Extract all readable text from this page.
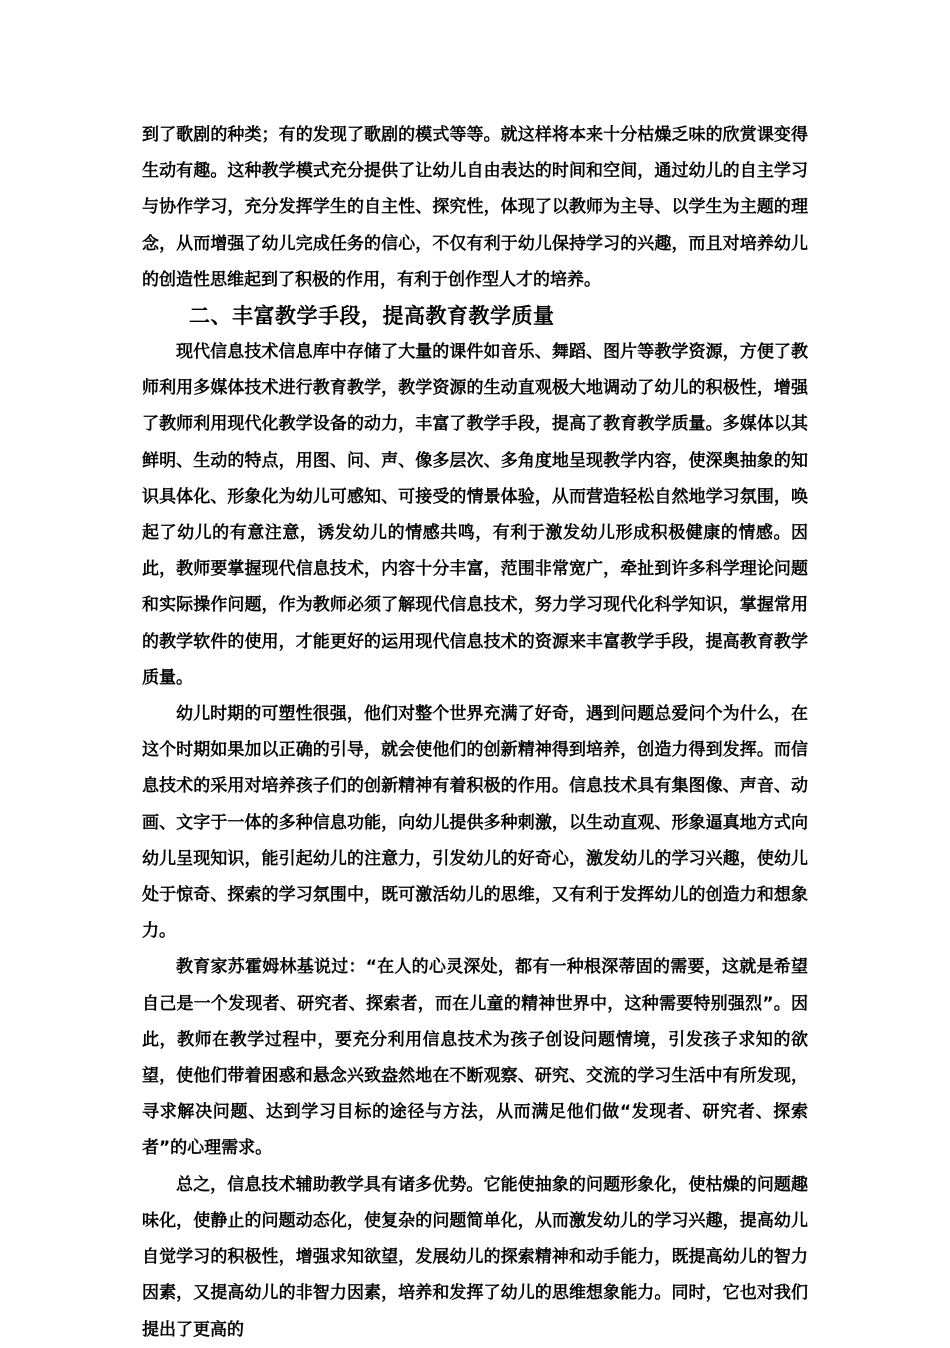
到了歌剧的种类；有的发现了歌剧的模式等等。就这样将本来十分枯燥乏味的欣赏课变得生动有趣。这种教学模式充分提供了让幼儿自由表达的时间和空间，通过幼儿的自主学习与协作学习，充分发挥学生的自主性、探究性，体现了以教师为主导、以学生为主题的理念，从而增强了幼儿完成任务的信心，不仅有利于幼儿保持学习的兴趣，而且对培养幼儿的创造性思维起到了积极的作用，有利于创作型人才的培养。

二、丰富教学手段，提高教育教学质量

现代信息技术信息库中存储了大量的课件如音乐、舞蹈、图片等教学资源，方便了教师利用多媒体技术进行教育教学，教学资源的生动直观极大地调动了幼儿的积极性，增强了教师利用现代化教学设备的动力，丰富了教学手段，提高了教育教学质量。多媒体以其鲜明、生动的特点，用图、问、声、像多层次、多角度地呈现教学内容，使深奥抽象的知识具体化、形象化为幼儿可感知、可接受的情景体验，从而营造轻松自然地学习氛围，唤起了幼儿的有意注意，诱发幼儿的情感共鸣，有利于激发幼儿形成积极健康的情感。因此，教师要掌握现代信息技术，内容十分丰富，范围非常宽广，牵扯到许多科学理论问题和实际操作问题，作为教师必须了解现代信息技术，努力学习现代化科学知识，掌握常用的教学软件的使用，才能更好的运用现代信息技术的资源来丰富教学手段，提高教育教学质量。

幼儿时期的可塑性很强，他们对整个世界充满了好奇，遇到问题总爱问个为什么，在这个时期如果加以正确的引导，就会使他们的创新精神得到培养，创造力得到发挥。而信息技术的采用对培养孩子们的创新精神有着积极的作用。信息技术具有集图像、声音、动画、文字于一体的多种信息功能，向幼儿提供多种刺激，以生动直观、形象逼真地方式向幼儿呈现知识，能引起幼儿的注意力，引发幼儿的好奇心，激发幼儿的学习兴趣，使幼儿处于惊奇、探索的学习氛围中，既可激活幼儿的思维，又有利于发挥幼儿的创造力和想象力。

教育家苏霍姆林基说过：“在人的心灵深处，都有一种根深蒂固的需要，这就是希望自己是一个发现者、研究者、探索者，而在儿童的精神世界中，这种需要特别强烈”。因此，教师在教学过程中，要充分利用信息技术为孩子创设问题情境，引发孩子求知的欲望，使他们带着困惑和悬念兴致盎然地在不断观察、研究、交流的学习生活中有所发现，寻求解决问题、达到学习目标的途径与方法，从而满足他们做“发现者、研究者、探索者”的心理需求。

总之，信息技术辅助教学具有诸多优势。它能使抽象的问题形象化，使枯燥的问题趣味化，使静止的问题动态化，使复杂的问题简单化，从而激发幼儿的学习兴趣，提高幼儿自觉学习的积极性，增强求知欲望，发展幼儿的探索精神和动手能力，既提高幼儿的智力因素，又提高幼儿的非智力因素，培养和发挥了幼儿的思维想象能力。同时，它也对我们提出了更高的
